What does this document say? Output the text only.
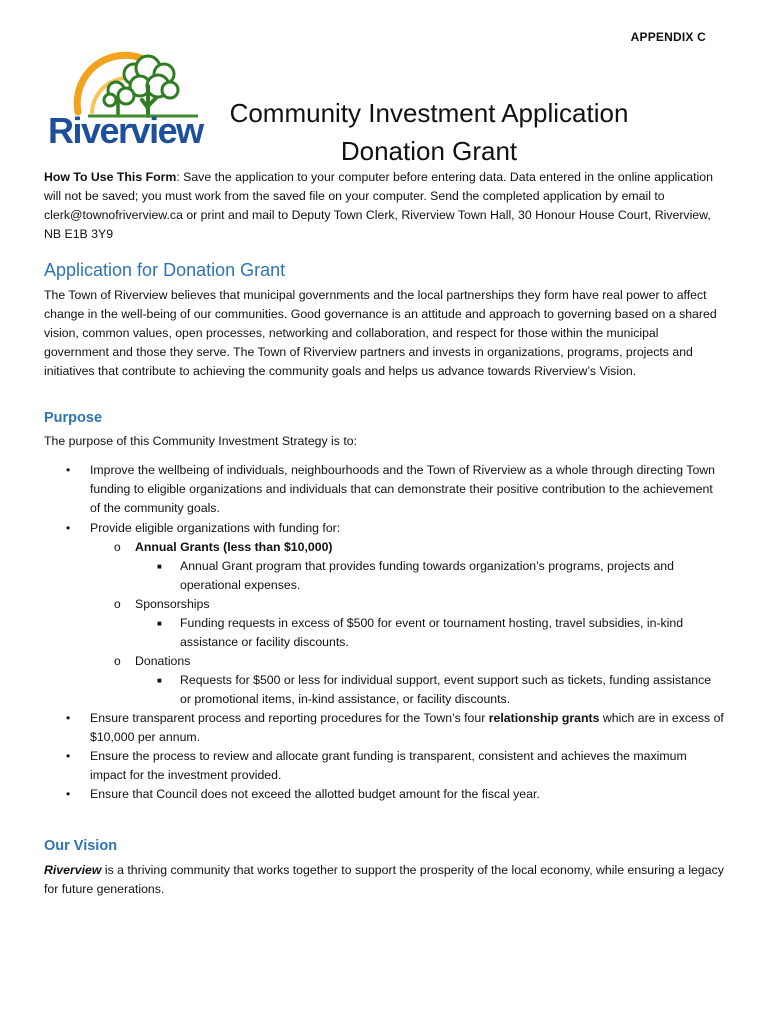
APPENDIX C
Riverview	Community Investment Application
Donation Grant
How To Use This Form: Save the application to your computer before entering data. Data entered in the online application will not be saved; you must work from the saved file on your computer. Send the completed application by email to clerk@townofriverview.ca or print and mail to Deputy Town Clerk, Riverview Town Hall, 30 Honour House Court, Riverview, NB E1B 3Y9
Application for Donation Grant
The Town of Riverview believes that municipal governments and the local partnerships they form have real power to affect change in the well-being of our communities. Good governance is an attitude and approach to governing based on a shared vision, common values, open processes, networking and collaboration, and respect for those within the municipal government and those they serve. The Town of Riverview partners and invests in organizations, programs, projects and initiatives that contribute to achieving the community goals and helps us advance towards Riverview’s Vision.
Purpose
The purpose of this Community Investment Strategy is to:
• Improve the wellbeing of individuals, neighbourhoods and the Town of Riverview as a whole through directing Town funding to eligible organizations and individuals that can demonstrate their positive contribution to the achievement of the community goals.
• Provide eligible organizations with funding for:
o Annual Grants (less than $10,000)
■ Annual Grant program that provides funding towards organization’s programs, projects and operational expenses.
o Sponsorships
■ Funding requests in excess of $500 for event or tournament hosting, travel subsidies, in-kind assistance or facility discounts.
o Donations
■ Requests for $500 or less for individual support, event support such as tickets, funding assistance or promotional items, in-kind assistance, or facility discounts.
• Ensure transparent process and reporting procedures for the Town’s four relationship grants which are in excess of $10,000 per annum.
• Ensure the process to review and allocate grant funding is transparent, consistent and achieves the maximum impact for the investment provided.
• Ensure that Council does not exceed the allotted budget amount for the fiscal year.
Our Vision
Riverview is a thriving community that works together to support the prosperity of the local economy, while ensuring a legacy for future generations.
